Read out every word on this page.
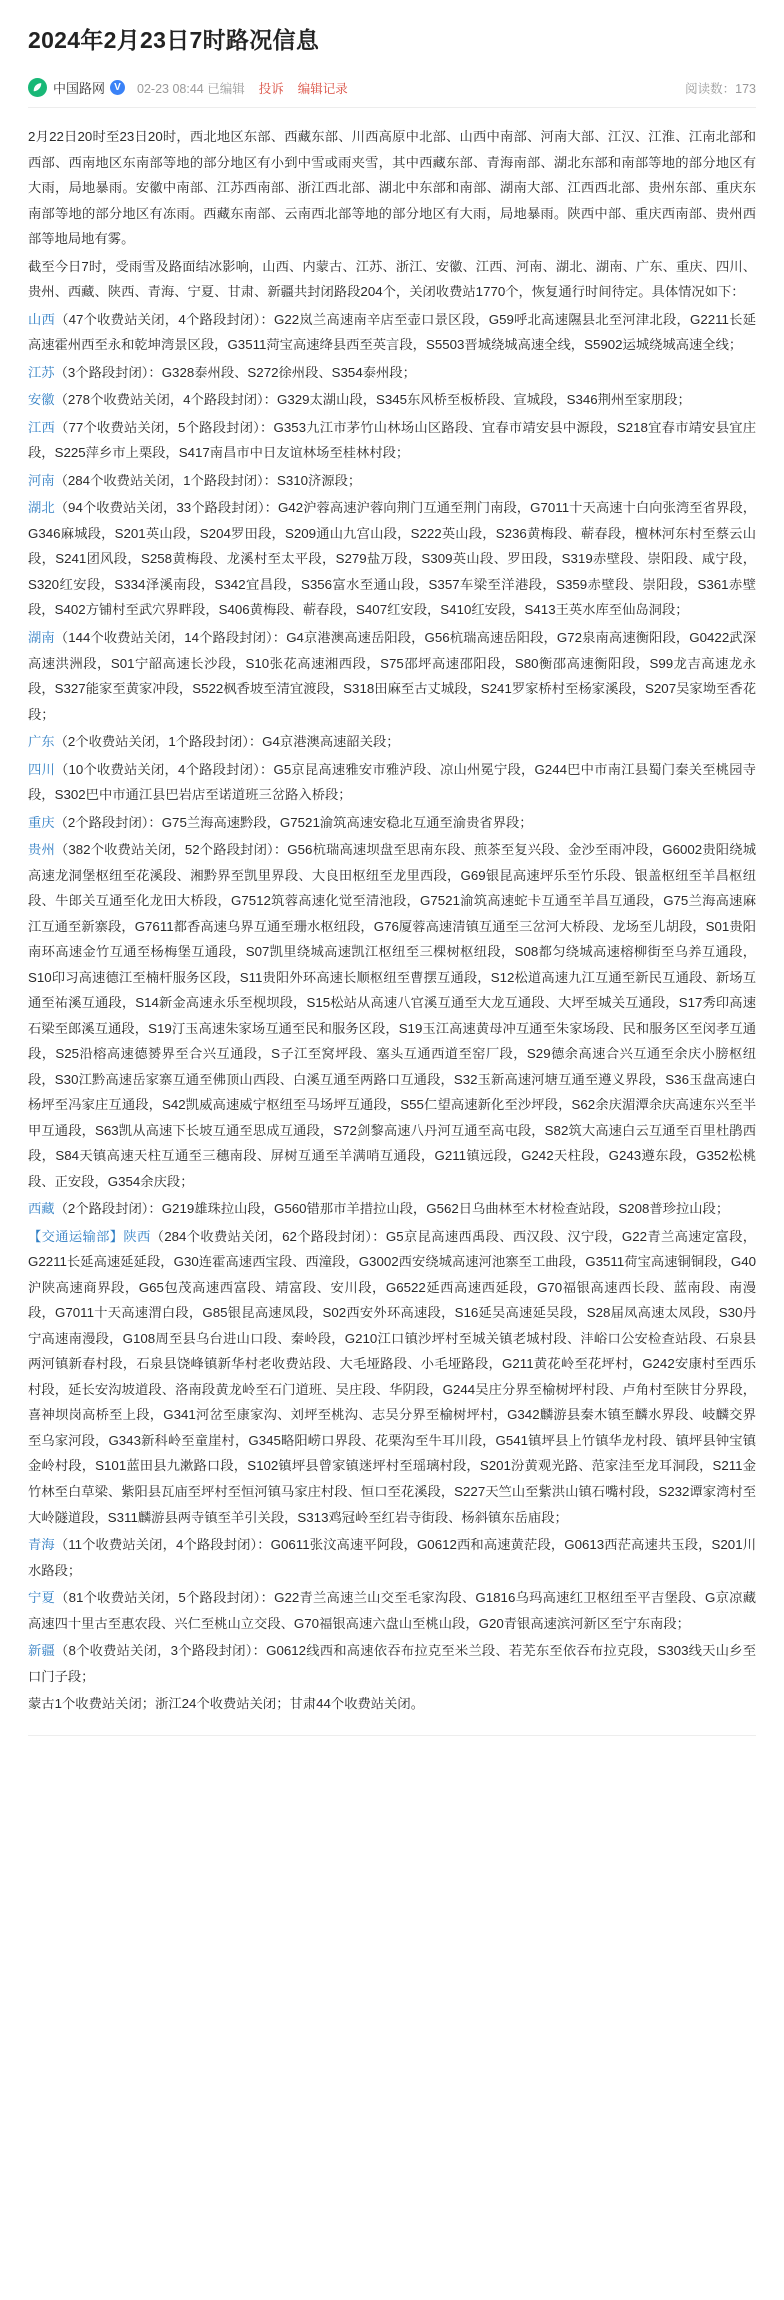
2024年2月23日7时路况信息
中国路网 V	02-23 08:44 已编辑 投诉 编辑记录	阅读数：173

2月22日20时至23日20时，西北地区东部、西藏东部、川西高原中北部、山西中南部、河南大部、江汉、江淮、江南北部和西部、西南地区东南部等地的部分地区有小到中雪或雨夹雪，其中西藏东部、青海南部、湖北东部和南部等地的部分地区有大雨，局地暴雨。安徽中南部、江苏西南部、浙江西北部、湖北中东部和南部、湖南大部、江西西北部、贵州东部、重庆东南部等地的部分地区有冻雨。西藏东南部、云南西北部等地的部分地区有大雨，局地暴雨。陕西中部、重庆西南部、贵州西部等地局地有雾。

截至今日7时，受雨雪及路面结冰影响，山西、内蒙古、江苏、浙江、安徽、江西、河南、湖北、湖南、广东、重庆、四川、贵州、西藏、陕西、青海、宁夏、甘肃、新疆共封闭路段204个，关闭收费站1770个，恢复通行时间待定。具体情况如下：

山西（47个收费站关闭，4个路段封闭）：G22岚兰高速南辛店至壶口景区段，G59呼北高速隰县北至河津北段，G2211长延高速霍州西至永和乾坤湾景区段，G3511菏宝高速绛县西至英言段，S5503晋城绕城高速全线，S5902运城绕城高速全线；

江苏（3个路段封闭）：G328泰州段、S272徐州段、S354泰州段；

安徽（278个收费站关闭，4个路段封闭）：G329太湖山段，S345东风桥至板桥段、宣城段，S346荆州至家朋段；

江西（77个收费站关闭，5个路段封闭）：G353九江市茅竹山林场山区路段、宜春市靖安县中源段，S218宜春市靖安县宜庄段，S225萍乡市上栗段，S417南昌市中日友谊林场至桂林村段；

河南（284个收费站关闭，1个路段封闭）：S310济源段；

湖北（94个收费站关闭，33个路段封闭）：G42沪蓉高速沪蓉向荆门互通至荆门南段，G7011十天高速十白向张湾至省界段，G346麻城段，S201英山段，S204罗田段，S209通山九宫山段，S222英山段，S236黄梅段、蕲春段，檀林河东村至蔡云山段，S241团风段，S258黄梅段、龙溪村至太平段，S279盐万段，S309英山段、罗田段，S319赤壁段、崇阳段、咸宁段，S320红安段，S334泽溪南段，S342宜昌段，S356富水至通山段，S357车梁至洋港段，S359赤壁段、崇阳段，S361赤壁段，S402方铺村至武穴界畔段，S406黄梅段、蕲春段，S407红安段，S410红安段，S413王英水库至仙岛洞段；

湖南（144个收费站关闭，14个路段封闭）：G4京港澳高速岳阳段，G56杭瑞高速岳阳段，G72泉南高速衡阳段，G0422武深高速洪洲段，S01宁韶高速长沙段，S10张花高速湘西段，S75邵坪高速邵阳段，S80衡邵高速衡阳段，S99龙吉高速龙永段，S327能家至黄家冲段，S522枫香坡至清宜渡段，S318田麻至古丈城段，S241罗家桥村至杨家溪段，S207吴家坳至香花段；

广东（2个收费站关闭，1个路段封闭）：G4京港澳高速韶关段；

四川（10个收费站关闭，4个路段封闭）：G5京昆高速雅安市雅泸段、凉山州冕宁段，G244巴中市南江县蜀门秦关至桃园寺段，S302巴中市通江县巴岩店至诺道班三岔路入桥段；

重庆（2个路段封闭）：G75兰海高速黔段，G7521渝筑高速安稳北互通至渝贵省界段；

贵州（382个收费站关闭，52个路段封闭）：G56杭瑞高速坝盘至思南东段、煎茶至复兴段、金沙至雨冲段，G6002贵阳绕城高速龙洞堡枢纽至花溪段、湘黔界至凯里界段、大良田枢纽至龙里西段，G69银昆高速坪乐至竹乐段、银盖枢纽至羊昌枢纽段、牛郎关互通至化龙田大桥段，G7512筑蓉高速化觉至清池段，G7521渝筑高速蛇卡互通至羊昌互通段，G75兰海高速麻江互通至新寨段，G7611都香高速乌界互通至珊水枢纽段，G76厦蓉高速清镇互通至三岔河大桥段、龙场至儿胡段，S01贵阳南环高速金竹互通至杨梅堡互通段，S07凯里绕城高速凯江枢纽至三棵树枢纽段，S08都匀绕城高速榕柳街至乌养互通段，S10印习高速德江至楠杆服务区段，S11贵阳外环高速长顺枢纽至曹摆互通段，S12松道高速九江互通至新民互通段、新场互通至祐溪互通段，S14新金高速永乐至枧坝段，S15松站从高速八官溪互通至大龙互通段、大坪至城关互通段，S17秀印高速石梁至郎溪互通段，S19汀玉高速朱家场互通至民和服务区段，S19玉江高速黄母冲互通至朱家场段、民和服务区至闵孝互通段，S25沿榕高速德赟界至合兴互通段，S子江至窝坪段、塞头互通西道至窑厂段，S29德余高速合兴互通至余庆小膀枢纽段，S30江黔高速岳家寨互通至佛顶山西段、白溪互通至两路口互通段，S32玉新高速河塘互通至遵义界段，S36玉盘高速白杨坪至冯家庄互通段，S42凯威高速威宁枢纽至马场坪互通段，S55仁望高速新化至沙坪段，S62余庆湄潭余庆高速东兴至半甲互通段，S63凯从高速下长坡互通至思成互通段，S72剑黎高速八丹河互通至高屯段，S82筑大高速白云互通至百里杜鹃西段，S84天镇高速天柱互通至三穗南段、屏树互通至羊满哨互通段，G211镇远段，G242天柱段，G243遵东段，G352松桃段、正安段，G354余庆段；

西藏（2个路段封闭）：G219雄珠拉山段，G560错那市羊措拉山段，G562日乌曲林至木材检查站段，S208普珍拉山段；

【交通运输部】陕西（284个收费站关闭，62个路段封闭）：G5京昆高速西禹段、西汉段、汉宁段，G22青兰高速定富段，G2211长延高速延延段，G30连霍高速西宝段、西潼段，G3002西安绕城高速河池寨至工曲段，G3511荷宝高速铜铜段，G40沪陕高速商界段，G65包茂高速西富段、靖富段、安川段，G6522延西高速西延段，G70福银高速西长段、蓝南段、南漫段，G7011十天高速渭白段，G85银昆高速凤段，S02西安外环高速段，S16延吴高速延吴段，S28届凤高速太凤段，S30丹宁高速南漫段，G108周至县乌台进山口段、秦岭段，G210江口镇沙坪村至城关镇老城村段、沣峪口公安检查站段、石泉县两河镇新春村段，石泉县饶峰镇新华村老收费站段、大毛垭路段、小毛垭路段，G211黄花岭至花坪村，G242安康村至西乐村段，延长安沟坡道段、洛南段黄龙岭至石门道班、吴庄段、华阴段，G244吴庄分界至榆树坪村段、卢角村至陕甘分界段，喜神坝岗高桥至上段，G341河岔至康家沟、刘坪至桃沟、志吴分界至榆树坪村，G342麟游县秦木镇至麟水界段、岐麟交界至乌家河段，G343新科岭至童崖村，G345略阳崂口界段、花栗沟至牛耳川段，G541镇坪县上竹镇华龙村段、镇坪县钟宝镇金岭村段，S101蓝田县九漱路口段，S102镇坪县曾家镇迷坪村至瑶璃村段，S201汾黄观光路、范家洼至龙耳洞段，S211金竹林至白草梁、紫阳县瓦庙至坪村至恒河镇马家庄村段、恒口至花溪段，S227天竺山至紫洪山镇石嘴村段，S232谭家湾村至大岭隧道段，S311麟游县两寺镇至羊引关段，S313鸡冠岭至红岩寺街段、杨斜镇东岳庙段；

青海（11个收费站关闭，4个路段封闭）：G0611张汶高速平阿段，G0612西和高速黄茫段，G0613西茫高速共玉段，S201川水路段；

宁夏（81个收费站关闭，5个路段封闭）：G22青兰高速兰山交至毛家沟段、G1816乌玛高速红卫枢纽至平吉堡段、G京凉藏高速四十里古至惠农段、兴仁至桃山立交段、G70福银高速六盘山至桃山段，G20青银高速滨河新区至宁东南段；

新疆（8个收费站关闭，3个路段封闭）：G0612线西和高速依吞布拉克至米兰段、若芜东至依吞布拉克段，S303线天山乡至口门子段；

蒙古1个收费站关闭；浙江24个收费站关闭；甘肃44个收费站关闭。
